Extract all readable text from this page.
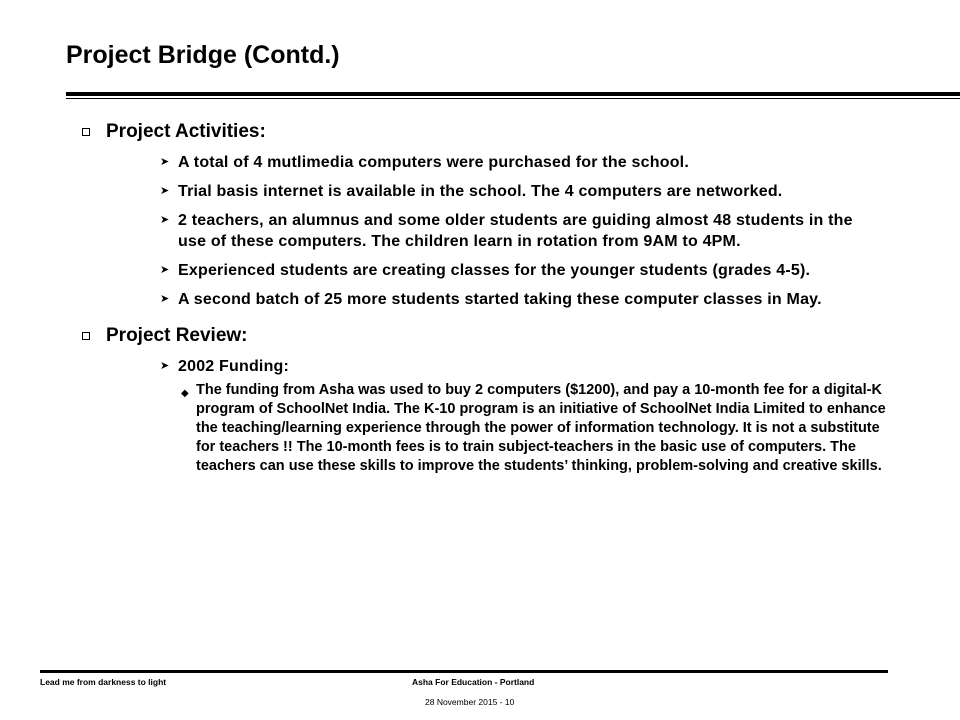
Project Bridge (Contd.)
Project Activities:
➤ A total of 4 mutlimedia computers were purchased for the school.
➤ Trial basis internet is available in the school. The 4 computers are networked.
➤ 2 teachers, an alumnus and some older students are guiding almost 48 students in the use of these computers. The children learn in rotation from 9AM to 4PM.
➤ Experienced students are creating classes for the younger students (grades 4-5).
➤ A second batch of 25 more students started taking these computer classes in May.
Project Review:
➤ 2002 Funding:
◆ The funding from Asha was used to buy 2 computers ($1200), and pay a 10-month fee for a digital-K program of SchoolNet India. The K-10 program is an initiative of SchoolNet India Limited to enhance the teaching/learning experience through the power of information technology. It is not a substitute for teachers !! The 10-month fees is to train subject-teachers in the basic use of computers. The teachers can use these skills to improve the students’ thinking, problem-solving and creative skills.
Lead me from darkness to light	Asha For Education - Portland
28 November 2015 - 10
